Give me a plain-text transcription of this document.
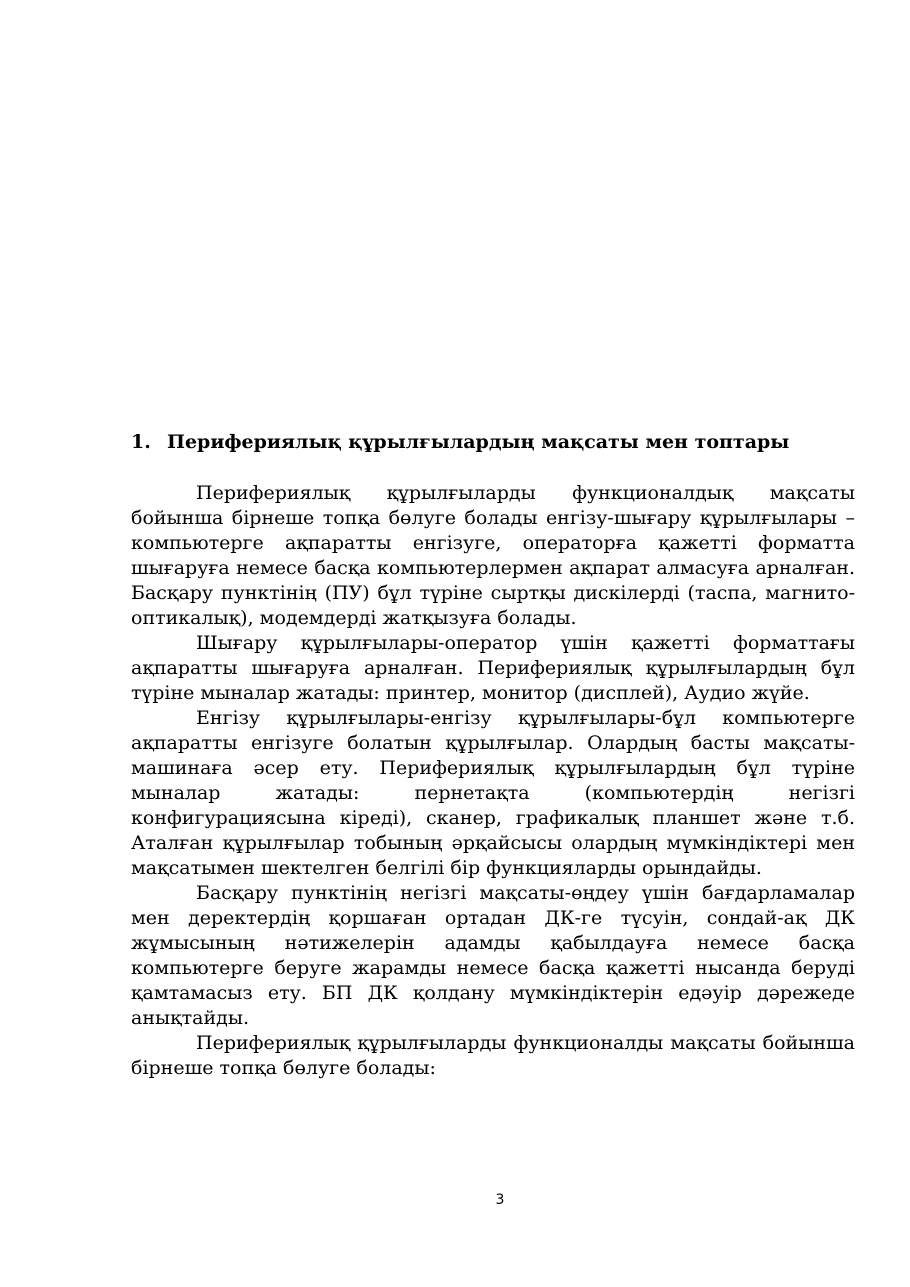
1. Перифериялық құрылғылардың мақсаты мен топтары

Перифериялық құрылғыларды функционалдық мақсаты бойынша бірнеше топқа бөлуге болады енгізу-шығару құрылғылары – компьютерге ақпаратты енгізуге, операторға қажетті форматта шығаруға немесе басқа компьютерлермен ақпарат алмасуға арналған. Басқару пунктінің (ПУ) бұл түріне сыртқы дискілерді (таспа, магнито-оптикалық), модемдерді жатқызуға болады.

Шығару құрылғылары-оператор үшін қажетті форматтағы ақпаратты шығаруға арналған. Перифериялық құрылғылардың бұл түріне мыналар жатады: принтер, монитор (дисплей), Аудио жүйе.

Енгізу құрылғылары-енгізу құрылғылары-бұл компьютерге ақпаратты енгізуге болатын құрылғылар. Олардың басты мақсаты-машинаға әсер ету. Перифериялық құрылғылардың бұл түріне мыналар жатады: пернетақта (компьютердің негізгі конфигурациясына кіреді), сканер, графикалық планшет және т.б. Аталған құрылғылар тобының әрқайсысы олардың мүмкіндіктері мен мақсатымен шектелген белгілі бір функцияларды орындайды.

Басқару пунктінің негізгі мақсаты-өңдеу үшін бағдарламалар мен деректердің қоршаған ортадан ДК-ге түсуін, сондай-ақ ДК жұмысының нәтижелерін адамды қабылдауға немесе басқа компьютерге беруге жарамды немесе басқа қажетті нысанда беруді қамтамасыз ету. БП ДК қолдану мүмкіндіктерін едәуір дәрежеде анықтайды.

Перифериялық құрылғыларды функционалды мақсаты бойынша бірнеше топқа бөлуге болады:

3
